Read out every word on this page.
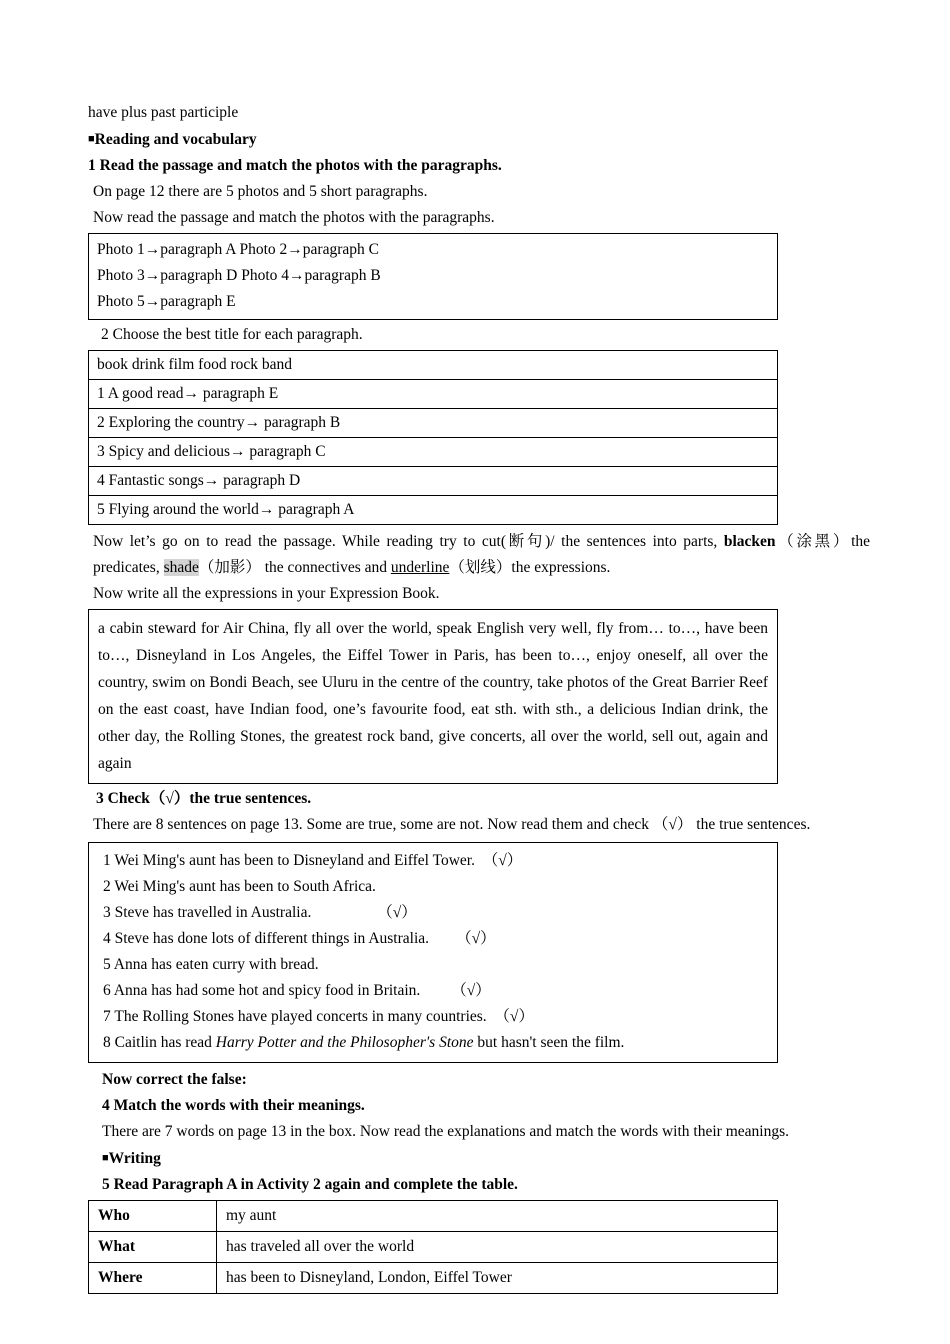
have plus past participle

■Reading and vocabulary

1 Read the passage and match the photos with the paragraphs.

On page 12 there are 5 photos and 5 short paragraphs.

Now read the passage and match the photos with the paragraphs.

Photo 1→paragraph A Photo 2→paragraph C
Photo 3→paragraph D Photo 4→paragraph B
Photo 5→paragraph E

2 Choose the best title for each paragraph.

book drink film food rock band
1 A good read→ paragraph E
2 Exploring the country→ paragraph B
3 Spicy and delicious→ paragraph C
4 Fantastic songs→ paragraph D
5 Flying around the world→ paragraph A

Now let’s go on to read the passage. While reading try to cut(断句)/ the sentences into parts, blacken（涂黑）the predicates, shade（加影） the connectives and underline（划线）the expressions.

Now write all the expressions in your Expression Book.

a cabin steward for Air China, fly all over the world, speak English very well, fly from… to…, have been to…, Disneyland in Los Angeles, the Eiffel Tower in Paris, has been to…, enjoy oneself, all over the country, swim on Bondi Beach, see Uluru in the centre of the country, take photos of the Great Barrier Reef on the east coast, have Indian food, one’s favourite food, eat sth. with sth., a delicious Indian drink, the other day, the Rolling Stones, the greatest rock band, give concerts, all over the world, sell out, again and again

3 Check（√）the true sentences.

There are 8 sentences on page 13. Some are true, some are not. Now read them and check （√） the true sentences.

1 Wei Ming's aunt has been to Disneyland and Eiffel Tower.  （√）
2 Wei Ming's aunt has been to South Africa.
3 Steve has travelled in Australia.                 （√）
4 Steve has done lots of different things in Australia.       （√）
5 Anna has eaten curry with bread.
6 Anna has had some hot and spicy food in Britain.        （√）
7 The Rolling Stones have played concerts in many countries.  （√）
8 Caitlin has read Harry Potter and the Philosopher's Stone but hasn't seen the film.

Now correct the false:

4 Match the words with their meanings.

There are 7 words on page 13 in the box. Now read the explanations and match the words with their meanings.

■Writing

5 Read Paragraph A in Activity 2 again and complete the table.

Who	my aunt
What	has traveled all over the world
Where	has been to Disneyland, London, Eiffel Tower
